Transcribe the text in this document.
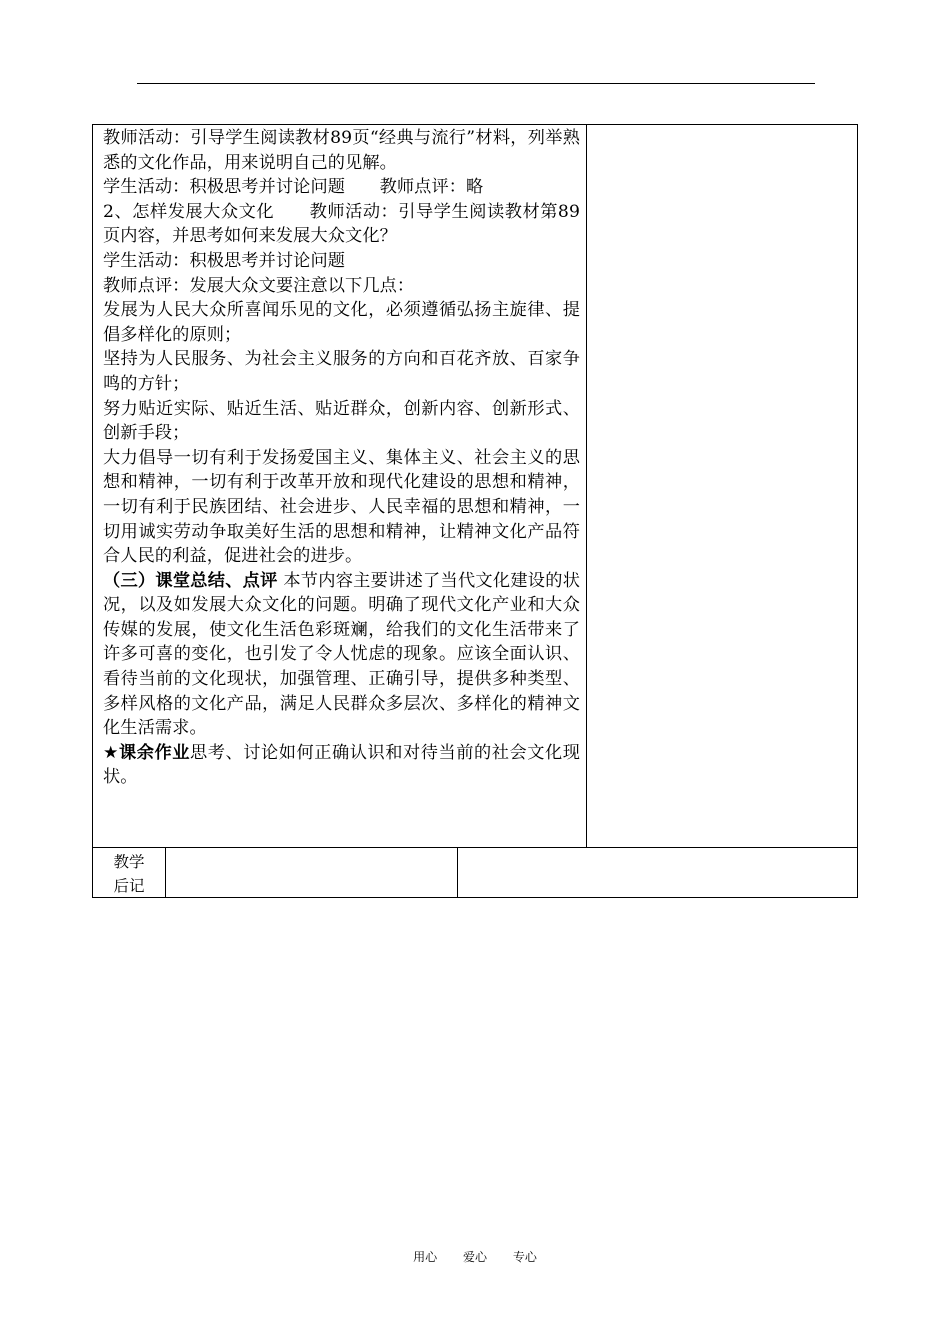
教师活动：引导学生阅读教材89页“经典与流行”材料，列举熟悉的文化作品，用来说明自己的见解。

学生活动：积极思考并讨论问题　　教师点评：略

2、怎样发展大众文化　　教师活动：引导学生阅读教材第89页内容，并思考如何来发展大众文化？

学生活动：积极思考并讨论问题

教师点评：发展大众文要注意以下几点：

发展为人民大众所喜闻乐见的文化，必须遵循弘扬主旋律、提倡多样化的原则；

坚持为人民服务、为社会主义服务的方向和百花齐放、百家争鸣的方针；

努力贴近实际、贴近生活、贴近群众，创新内容、创新形式、创新手段；

大力倡导一切有利于发扬爱国主义、集体主义、社会主义的思想和精神，一切有利于改革开放和现代化建设的思想和精神，一切有利于民族团结、社会进步、人民幸福的思想和精神，一切用诚实劳动争取美好生活的思想和精神，让精神文化产品符合人民的利益，促进社会的进步。

（三）课堂总结、点评 本节内容主要讲述了当代文化建设的状况，以及如发展大众文化的问题。明确了现代文化产业和大众传媒的发展，使文化生活色彩斑斓，给我们的文化生活带来了许多可喜的变化，也引发了令人忧虑的现象。应该全面认识、看待当前的文化现状，加强管理、正确引导，提供多种类型、多样风格的文化产品，满足人民群众多层次、多样化的精神文化生活需求。

★课余作业思考、讨论如何正确认识和对待当前的社会文化现状。

教学
后记
用心 爱心 专心
